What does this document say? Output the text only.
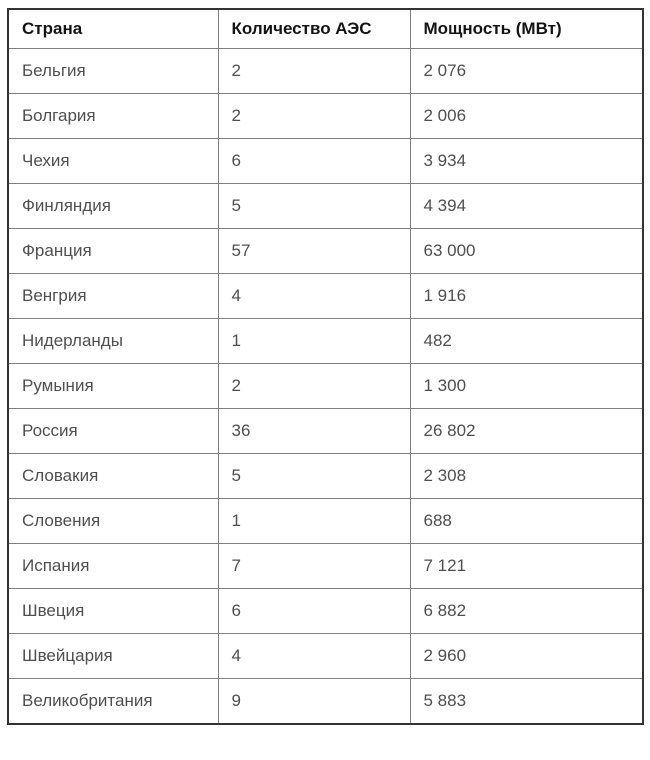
Страна	Количество АЭС	Мощность (МВт)
Бельгия	2	2 076
Болгария	2	2 006
Чехия	6	3 934
Финляндия	5	4 394
Франция	57	63 000
Венгрия	4	1 916
Нидерланды	1	482
Румыния	2	1 300
Россия	36	26 802
Словакия	5	2 308
Словения	1	688
Испания	7	7 121
Швеция	6	6 882
Швейцария	4	2 960
Великобритания	9	5 883
